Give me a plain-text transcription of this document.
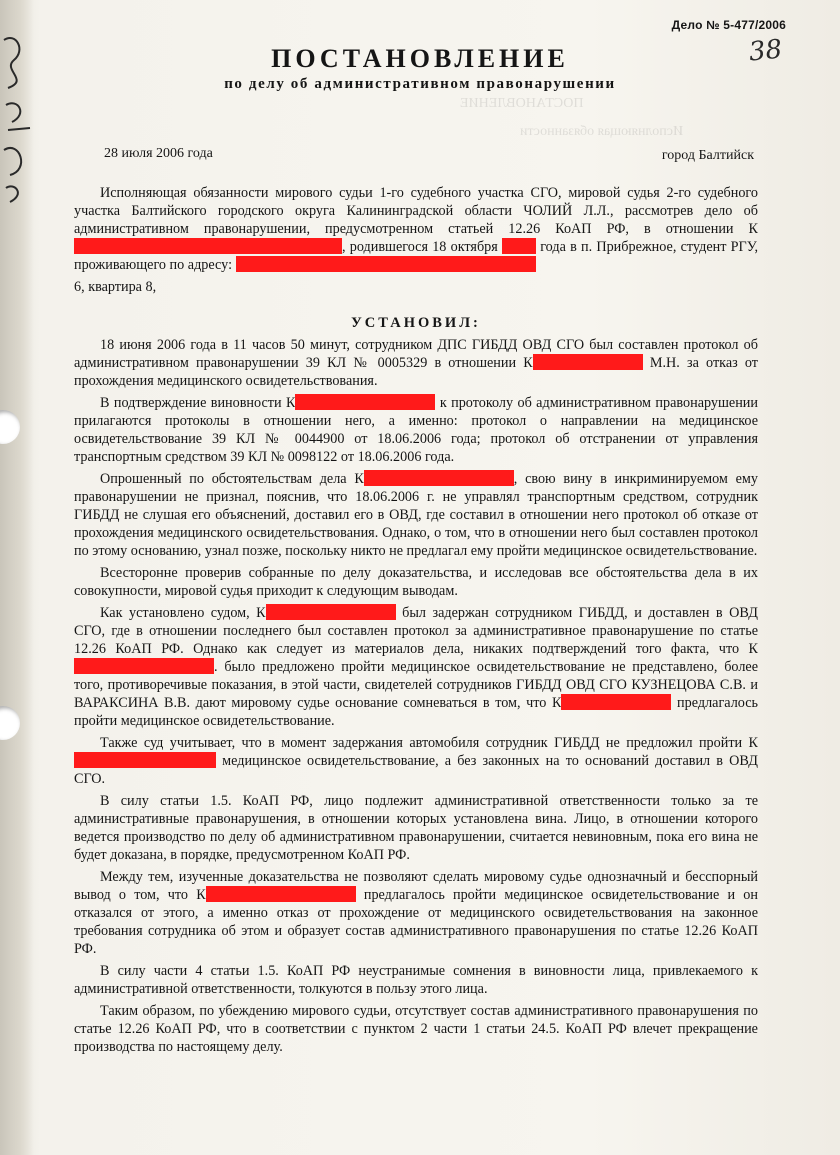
ПОСТАНОВЛЕНИЕ
Исполняющая обязанности
Дело № 5-477/2006
38
ПОСТАНОВЛЕНИЕ
по делу об административном правонарушении
28 июля 2006 года	город Балтийск

Исполняющая обязанности мирового судьи 1-го судебного участка СГО, мировой судья 2-го судебного участка Балтийского городского округа Калининградской области ЧОЛИЙ Л.Л., рассмотрев дело об административном правонарушении, предусмотренном статьей 12.26 КоАП РФ, в отношении К, родившегося 18 октября  года в п. Прибрежное, студент РГУ, проживающего по адресу:

6, квартира 8,

УСТАНОВИЛ:

18 июня 2006 года в 11 часов 50 минут, сотрудником ДПС ГИБДД ОВД СГО был составлен протокол об административном правонарушении 39 КЛ № 0005329 в отношении К	М.Н. за отказ от прохождения медицинского освидетельствования.

В подтверждение виновности К	к протоколу об административном правонарушении прилагаются протоколы в отношении него, а именно: протокол о направлении на медицинское освидетельствование 39 КЛ № 0044900 от 18.06.2006 года; протокол об отстранении от управления транспортным средством 39 КЛ № 0098122 от 18.06.2006 года.

Опрошенный по обстоятельствам дела К	, свою вину в инкриминируемом ему правонарушении не признал, пояснив, что 18.06.2006 г. не управлял транспортным средством, сотрудник ГИБДД не слушая его объяснений, доставил его в ОВД, где составил в отношении него протокол об отказе от прохождения медицинского освидетельствования. Однако, о том, что в отношении него был составлен протокол по этому основанию, узнал позже, поскольку никто не предлагал ему пройти медицинское освидетельствование.

Всесторонне проверив собранные по делу доказательства, и исследовав все обстоятельства дела в их совокупности, мировой судья приходит к следующим выводам.

Как установлено судом, К	был задержан сотрудником ГИБДД, и доставлен в ОВД СГО, где в отношении последнего был составлен протокол за административное правонарушение по статье 12.26 КоАП РФ. Однако как следует из материалов дела, никаких подтверждений того факта, что К. было предложено пройти медицинское освидетельствование не представлено, более того, противоречивые показания, в этой части, свидетелей сотрудников ГИБДД ОВД СГО КУЗНЕЦОВА С.В. и ВАРАКСИНА В.В. дают мировому судье основание сомневаться в том, что К	предлагалось пройти медицинское освидетельствование.

Также суд учитывает, что в момент задержания автомобиля сотрудник ГИБДД не предложил пройти К медицинское освидетельствование, а без законных на то оснований доставил в ОВД СГО.

В силу статьи 1.5. КоАП РФ, лицо подлежит административной ответственности только за те административные правонарушения, в отношении которых установлена вина. Лицо, в отношении которого ведется производство по делу об административном правонарушении, считается невиновным, пока его вина не будет доказана, в порядке, предусмотренном КоАП РФ.

Между тем, изученные доказательства не позволяют сделать мировому судье однозначный и бесспорный вывод о том, что К	предлагалось пройти медицинское освидетельствование и он отказался от этого, а именно отказ от прохождение от медицинского освидетельствования на законное требования сотрудника об этом и образует состав административного правонарушения по статье 12.26 КоАП РФ.

В силу части 4 статьи 1.5. КоАП РФ неустранимые сомнения в виновности лица, привлекаемого к административной ответственности, толкуются в пользу этого лица.

Таким образом, по убеждению мирового судьи, отсутствует состав административного правонарушения по статье 12.26 КоАП РФ, что в соответствии с пунктом 2 части 1 статьи 24.5. КоАП РФ влечет прекращение производства по настоящему делу.
